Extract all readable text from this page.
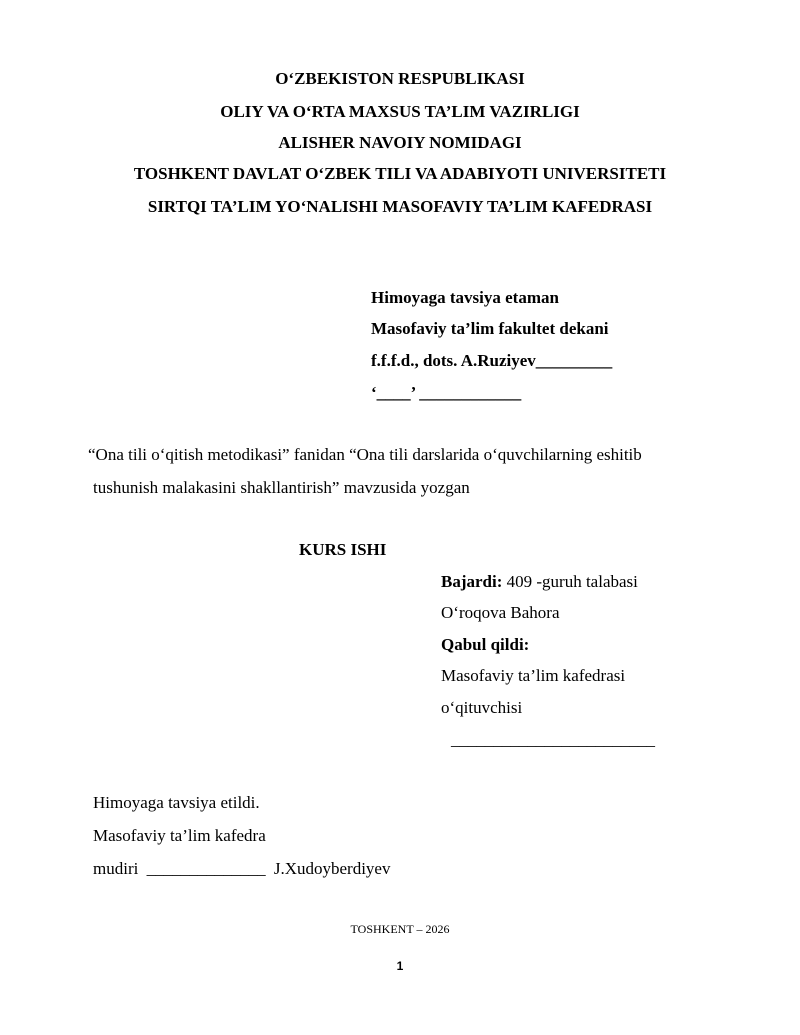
O‘ZBEKISTON RESPUBLIKASI
OLIY VA O‘RTA MAXSUS TA’LIM VAZIRLIGI
ALISHER NAVOIY NOMIDAGI
TOSHKENT DAVLAT O‘ZBEK TILI VA ADABIYOTI UNIVERSITETI
SIRTQI TA’LIM YO‘NALISHI MASOFAVIY TA’LIM KAFEDRASI
Himoyaga tavsiya etaman
Masofaviy ta’lim fakultet dekani
f.f.f.d., dots. A.Ruziyev_________
‘____’ ____________
“Ona tili o‘qitish metodikasi” fanidan “Ona tili darslarida o‘quvchilarning eshitib
tushunish malakasini shakllantirish” mavzusida yozgan
KURS ISHI
Bajardi: 409 -guruh talabasi
O‘roqova Bahora
Qabul qildi:
Masofaviy ta’lim kafedrasi
o‘qituvchisi
________________________
Himoyaga tavsiya etildi.
Masofaviy ta’lim kafedra
mudiri ______________ J.Xudoyberdiyev
TOSHKENT – 2026
1
